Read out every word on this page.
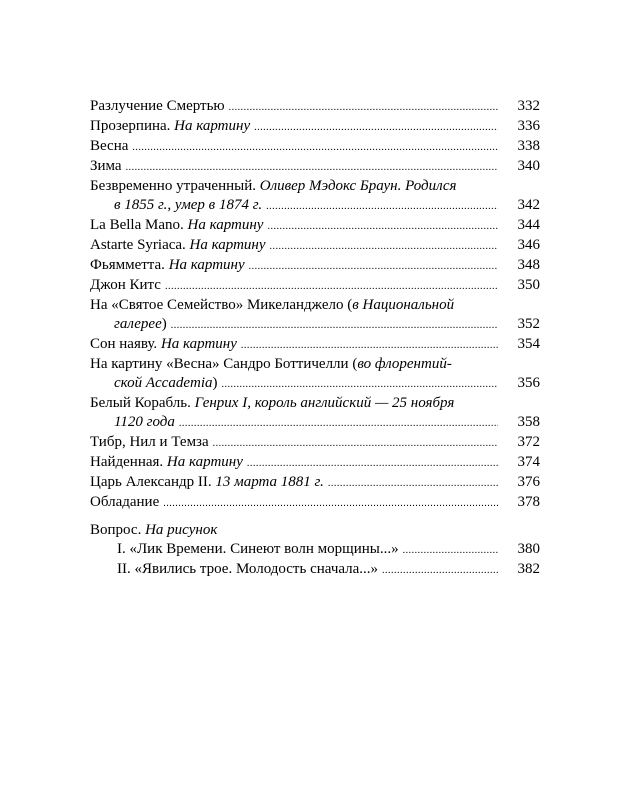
Разлучение Смертью .....	332
Прозерпина. На картину .....	336
Весна .....	338
Зима .....	340
Безвременно утраченный. Оливер Мэдокс Браун. Родился
в 1855 г., умер в 1874 г. .....	342
La Bella Mano. На картину .....	344
Astarte Syriaca. На картину .....	346
Фьямметта. На картину .....	348
Джон Китс .....	350
На «Святое Семейство» Микеланджело (в Национальной
галерее) .....	352
Сон наяву. На картину .....	354
На картину «Весна» Сандро Боттичелли (во флорентий-
ской Accademia) .....	356
Белый Корабль. Генрих I, король английский — 25 ноября
1120 года .....	358
Тибр, Нил и Темза .....	372
Найденная. На картину .....	374
Царь Александр II. 13 марта 1881 г. .....	376
Обладание .....	378
Вопрос. На рисунок
I. «Лик Времени. Синеют волн морщины...» .....	380
II. «Явились трое. Молодость сначала...» .....	382
